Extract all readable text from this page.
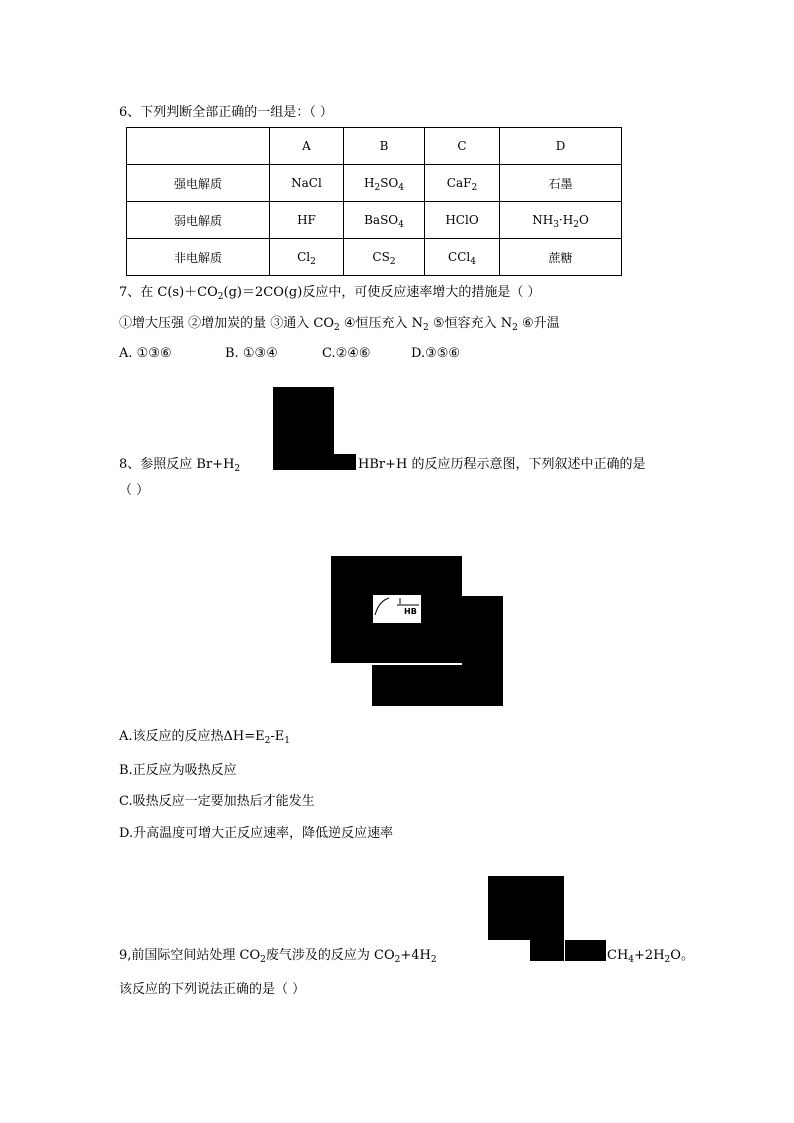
6、下列判断全部正确的一组是：（ ）
	A	B	C	D
强电解质	NaCl	$H_2SO_4$	CaF$_2$	石墨
弱电解质	HF	BaSO$_4$	HClO	$NH_3\cdot H_2O$
非电解质	$Cl_2$	$CS_2$	CCl$_4$	蔗糖
7、在 $C(s)+CO_2(g)=2CO(g)$反应中，可使反应速率增大的措施是（ ）
①增大压强 ②增加炭的量 ③通入 $CO_2$ ④恒压充入 $N_2$ ⑤恒容充入 $N_2$ ⑥升温
A. ①③⑥	B. ①③④	C.②④⑥	D.③⑤⑥
8、参照反应 $Br+H_2$	HBr+H 的反应历程示意图，下列叙述中正确的是
（ ）
HB
A.该反应的反应热$\Delta H=E_2-E_1$
B.正反应为吸热反应
C.吸热反应一定要加热后才能发生
D.升高温度可增大正反应速率，降低逆反应速率
9,前国际空间站处理 $CO_2$废气涉及的反应为 $CO_2+4H_2$	$CH_4+2H_2O$。
该反应的下列说法正确的是（ ）
